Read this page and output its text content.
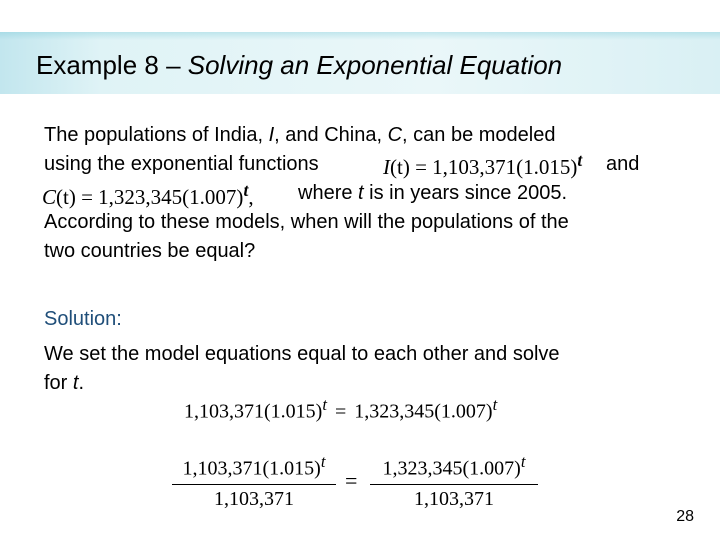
Example 8 – Solving an Exponential Equation
The populations of India, I, and China, C, can be modeled
using the exponential functions	$I(t) = 1,103,371(1.015)^t$ and
$C(t) = 1,323,345(1.007)^t$, where t is in years since 2005.
According to these models, when will the populations of the
two countries be equal?
Solution:
We set the model equations equal to each other and solve
for t.
$1,103,371(1.015)^t = 1,323,345(1.007)^t$
$1,103,371(1.015)^t$
1,103,371
=	$1,323,345(1.007)^t$
1,103,371
28
